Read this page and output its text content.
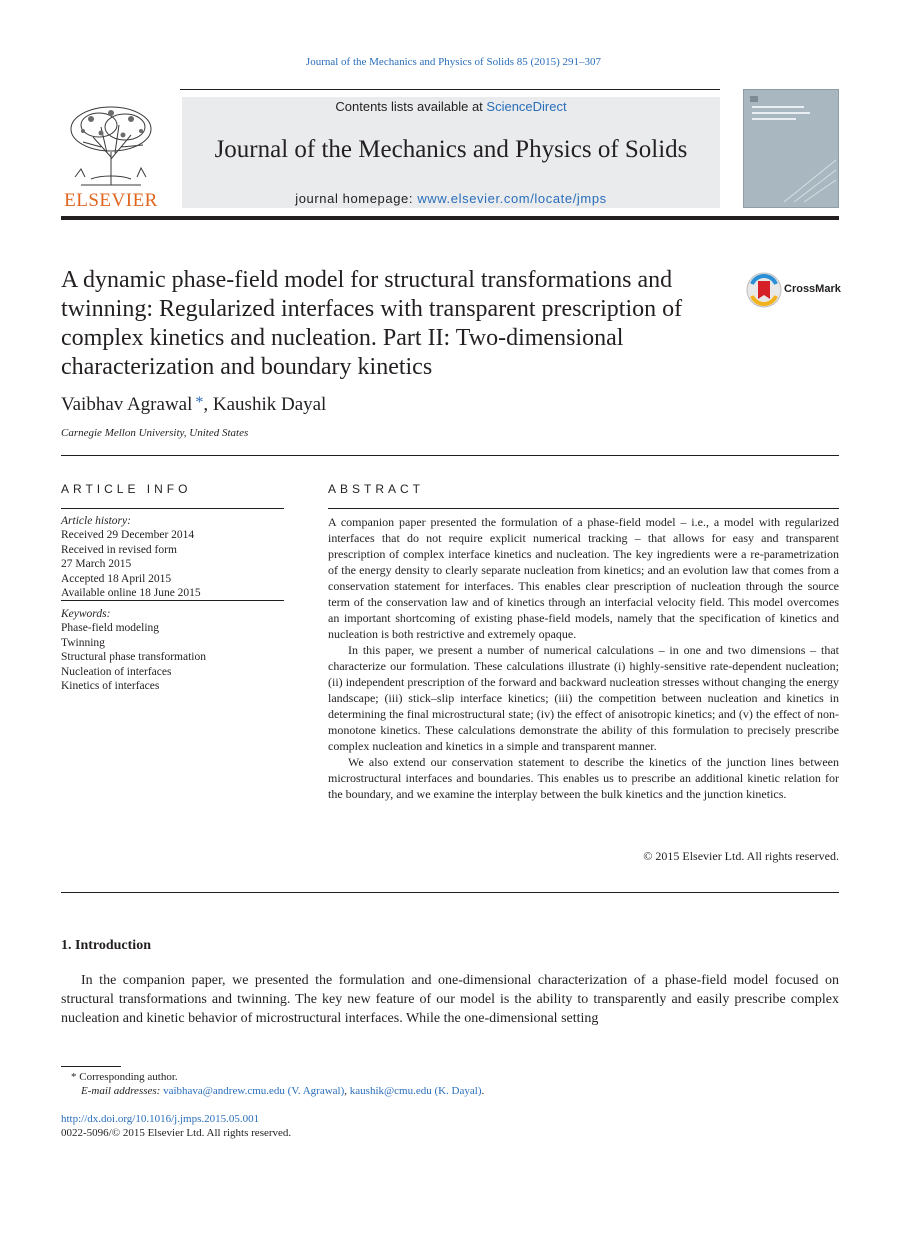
Journal of the Mechanics and Physics of Solids 85 (2015) 291–307
ELSEVIER
Contents lists available at ScienceDirect
Journal of the Mechanics and Physics of Solids
journal homepage: www.elsevier.com/locate/jmps
A dynamic phase-field model for structural transformations and twinning: Regularized interfaces with transparent prescription of complex kinetics and nucleation. Part II: Two-dimensional characterization and boundary kinetics
CrossMark
Vaibhav Agrawal *, Kaushik Dayal
Carnegie Mellon University, United States
ARTICLE INFO
Article history:
Received 29 December 2014
Received in revised form
27 March 2015
Accepted 18 April 2015
Available online 18 June 2015
Keywords:
Phase-field modeling
Twinning
Structural phase transformation
Nucleation of interfaces
Kinetics of interfaces
ABSTRACT

A companion paper presented the formulation of a phase-field model – i.e., a model with regularized interfaces that do not require explicit numerical tracking – that allows for easy and transparent prescription of complex interface kinetics and nucleation. The key ingredients were a re-parametrization of the energy density to clearly separate nucleation from kinetics; and an evolution law that comes from a conservation statement for interfaces. This enables clear prescription of nucleation through the source term of the conservation law and of kinetics through an interfacial velocity field. This model overcomes an important shortcoming of existing phase-field models, namely that the specification of kinetics and nucleation is both restrictive and extremely opaque.

In this paper, we present a number of numerical calculations – in one and two dimensions – that characterize our formulation. These calculations illustrate (i) highly-sensitive rate-dependent nucleation; (ii) independent prescription of the forward and backward nucleation stresses without changing the energy landscape; (iii) stick–slip interface kinetics; (iii) the competition between nucleation and kinetics in determining the final microstructural state; (iv) the effect of anisotropic kinetics; and (v) the effect of non-monotone kinetics. These calculations demonstrate the ability of this formulation to precisely prescribe complex nucleation and kinetics in a simple and transparent manner.

We also extend our conservation statement to describe the kinetics of the junction lines between microstructural interfaces and boundaries. This enables us to prescribe an additional kinetic relation for the boundary, and we examine the interplay between the bulk kinetics and the junction kinetics.

© 2015 Elsevier Ltd. All rights reserved.
1. Introduction
In the companion paper, we presented the formulation and one-dimensional characterization of a phase-field model focused on structural transformations and twinning. The key new feature of our model is the ability to transparently and easily prescribe complex nucleation and kinetic behavior of microstructural interfaces. While the one-dimensional setting
* Corresponding author.
E-mail addresses: vaibhava@andrew.cmu.edu (V. Agrawal), kaushik@cmu.edu (K. Dayal).
http://dx.doi.org/10.1016/j.jmps.2015.05.001
0022-5096/© 2015 Elsevier Ltd. All rights reserved.
